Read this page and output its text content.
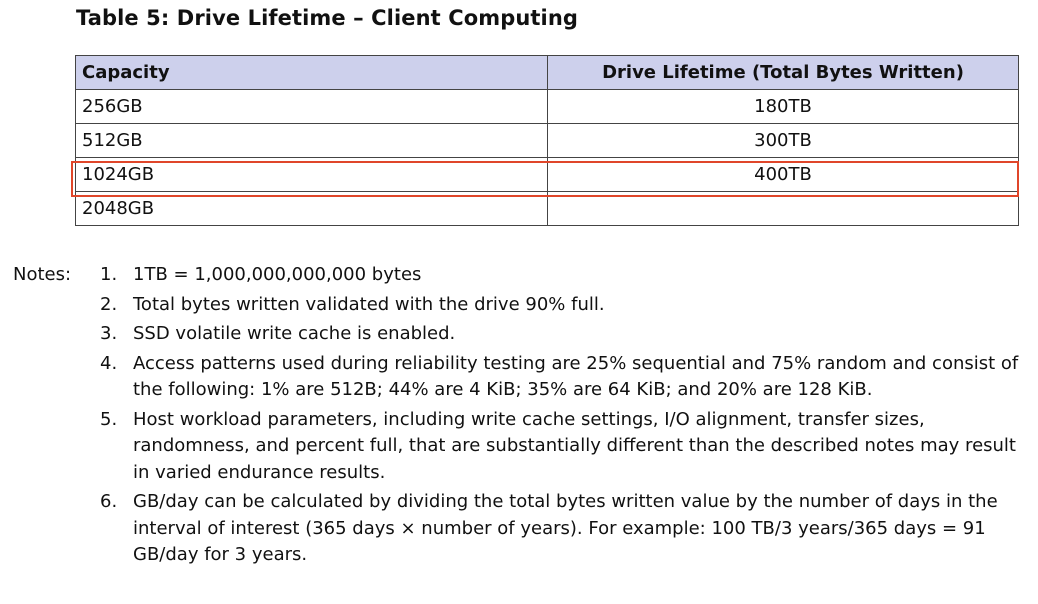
Table 5: Drive Lifetime – Client Computing
Capacity	Drive Lifetime (Total Bytes Written)
256GB	180TB
512GB	300TB
1024GB	400TB
2048GB	
Notes: 1. 1TB = 1,000,000,000,000 bytes
2. Total bytes written validated with the drive 90% full.
3. SSD volatile write cache is enabled.
4. Access patterns used during reliability testing are 25% sequential and 75% random and consist of the following: 1% are 512B; 44% are 4 KiB; 35% are 64 KiB; and 20% are 128 KiB.
5. Host workload parameters, including write cache settings, I/O alignment, transfer sizes, randomness, and percent full, that are substantially different than the described notes may result in varied endurance results.
6. GB/day can be calculated by dividing the total bytes written value by the number of days in the interval of interest (365 days × number of years). For example: 100 TB/3 years/365 days = 91 GB/day for 3 years.
